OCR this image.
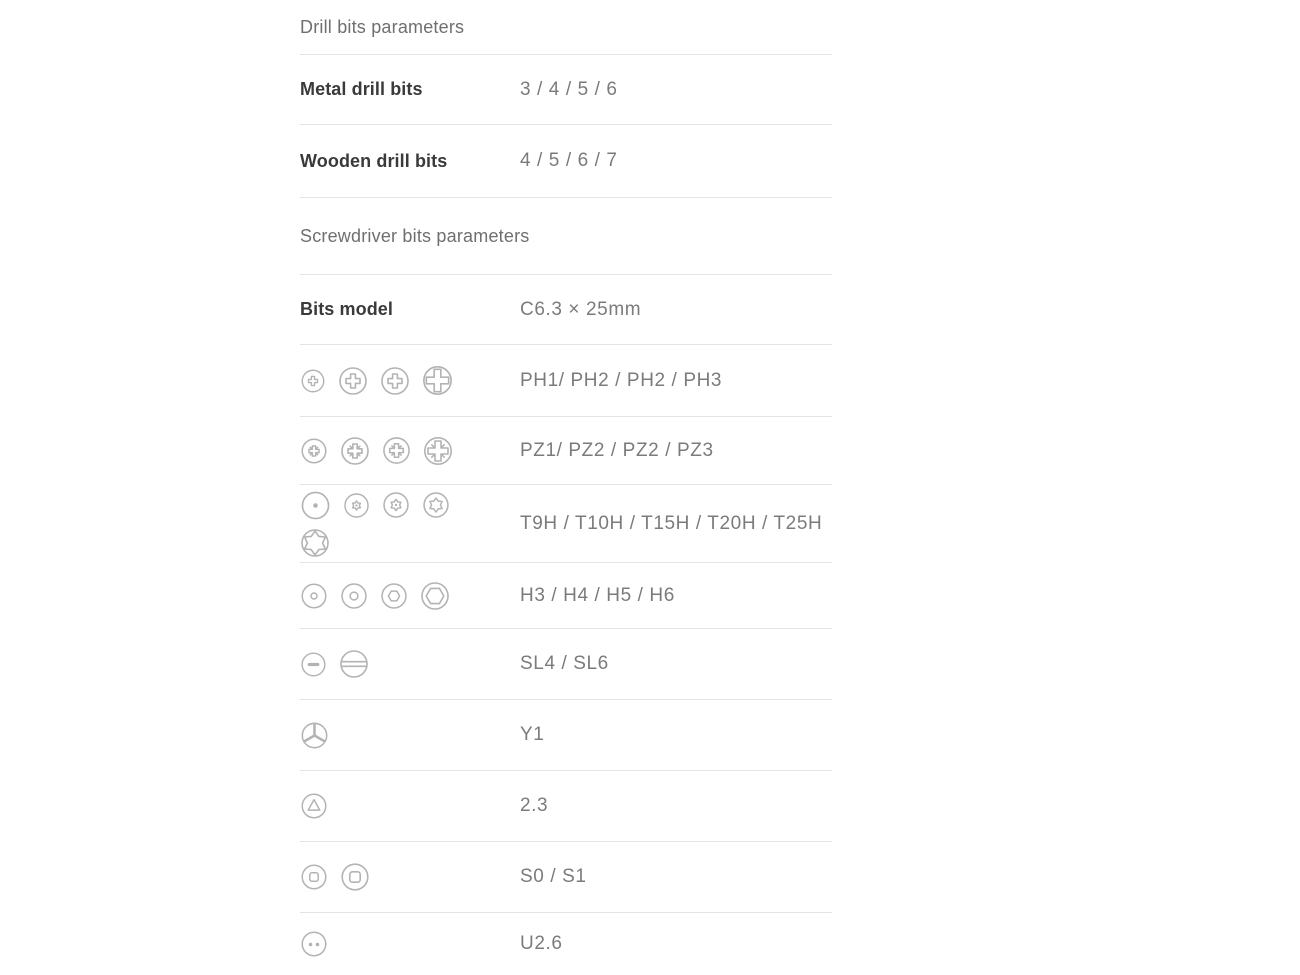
Drill bits parameters
Metal drill bits	3 / 4 / 5 / 6
Wooden drill bits	4 / 5 / 6 / 7
Screwdriver bits parameters
Bits model	C6.3 × 25mm
PH1/ PH2 / PH2 / PH3
PZ1/ PZ2 / PZ2 / PZ3
T9H / T10H / T15H / T20H / T25H
H3 / H4 / H5 / H6
SL4 / SL6
Y1
2.3
S0 / S1
U2.6
